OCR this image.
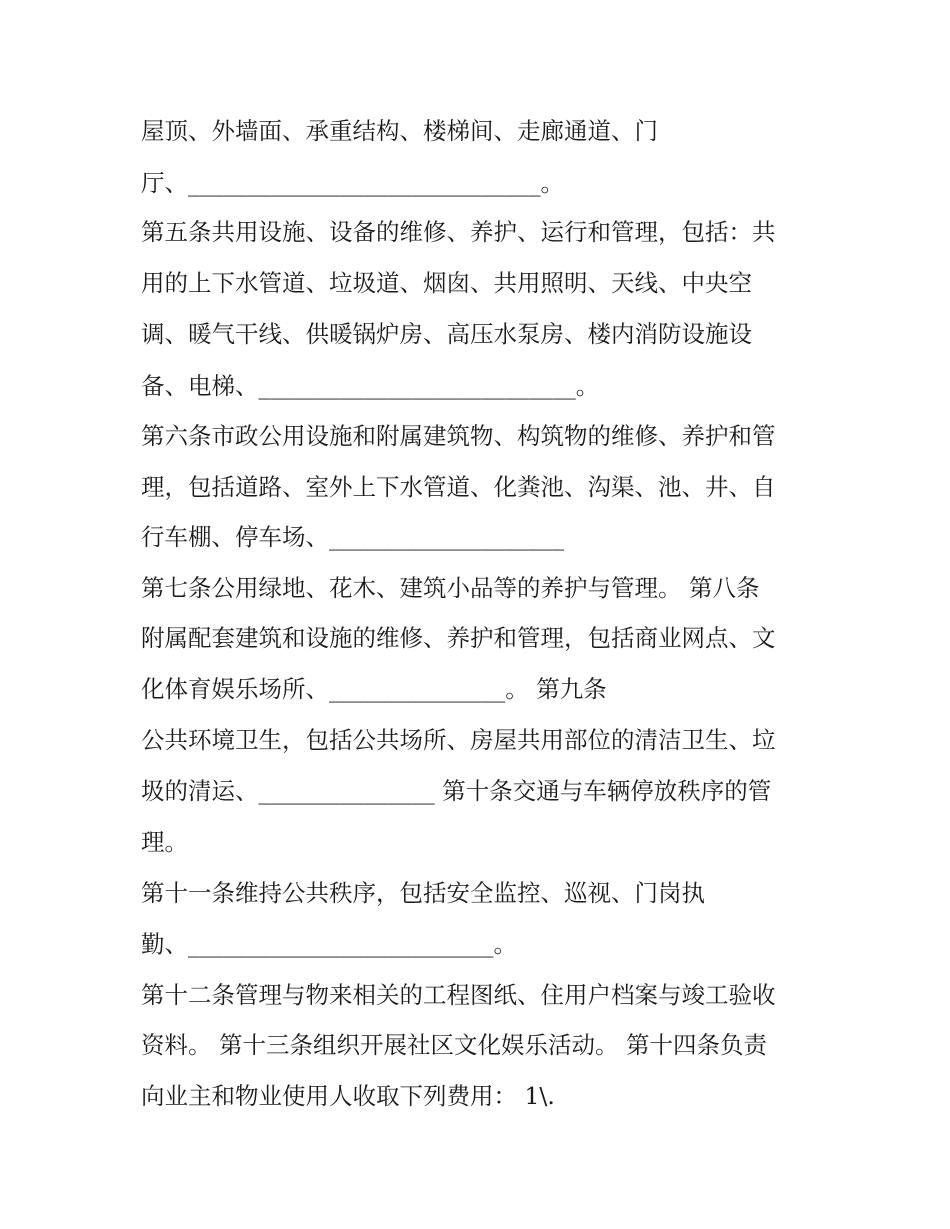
屋顶、外墙面、承重结构、楼梯间、走廊通道、门

厅、______________________________。

第五条共用设施、设备的维修、养护、运行和管理，包括：共

用的上下水管道、垃圾道、烟囱、共用照明、天线、中央空

调、暖气干线、供暖锅炉房、高压水泵房、楼内消防设施设

备、电梯、___________________________。

第六条市政公用设施和附属建筑物、构筑物的维修、养护和管

理，包括道路、室外上下水管道、化粪池、沟渠、池、井、自

行车棚、停车场、____________________

第七条公用绿地、花木、建筑小品等的养护与管理。 第八条

附属配套建筑和设施的维修、养护和管理，包括商业网点、文

化体育娱乐场所、_______________。 第九条

公共环境卫生，包括公共场所、房屋共用部位的清洁卫生、垃

圾的清运、_______________ 第十条交通与车辆停放秩序的管

理。

第十一条维持公共秩序，包括安全监控、巡视、门岗执

勤、__________________________。

第十二条管理与物来相关的工程图纸、住用户档案与竣工验收

资料。 第十三条组织开展社区文化娱乐活动。 第十四条负责

向业主和物业使用人收取下列费用： 1\.
